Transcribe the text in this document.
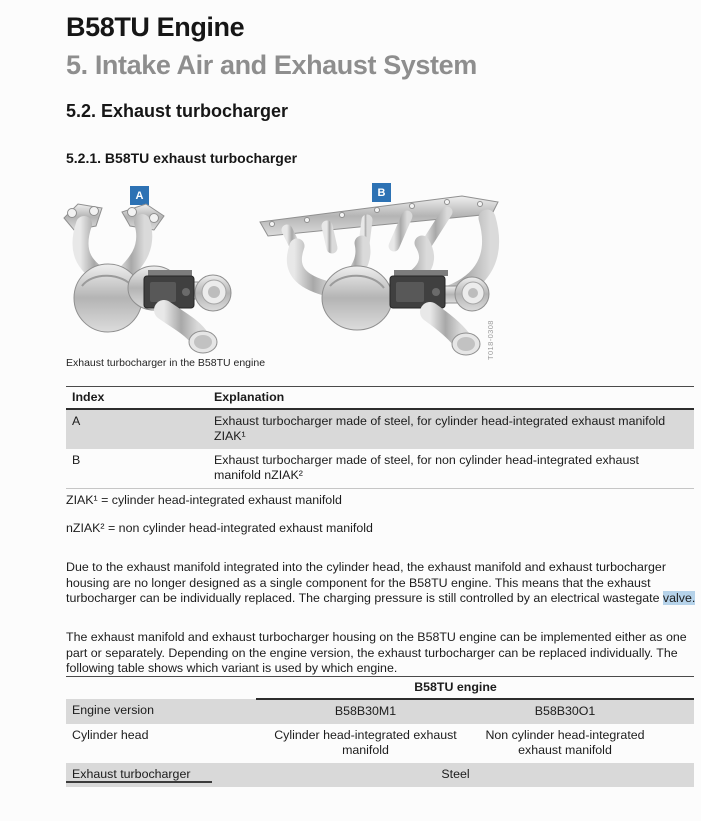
B58TU Engine
5. Intake Air and Exhaust System
5.2. Exhaust turbocharger
5.2.1. B58TU exhaust turbocharger
A	B
T018-0308
Exhaust turbocharger in the B58TU engine
Index	Explanation
A	Exhaust turbocharger made of steel, for cylinder head-integrated exhaust manifold ZIAK¹
B	Exhaust turbocharger made of steel, for non cylinder head-integrated exhaust manifold nZIAK²
ZIAK¹ = cylinder head-integrated exhaust manifold
nZIAK² = non cylinder head-integrated exhaust manifold

Due to the exhaust manifold integrated into the cylinder head, the exhaust manifold and exhaust turbocharger housing are no longer designed as a single component for the B58TU engine. This means that the exhaust turbocharger can be individually replaced. The charging pressure is still controlled by an electrical wastegate valve.

The exhaust manifold and exhaust turbocharger housing on the B58TU engine can be implemented either as one part or separately. Depending on the engine version, the exhaust turbocharger can be replaced individually. The following table shows which variant is used by which engine.

	B58TU engine	
Engine version	B58B30M1	B58B30O1
Cylinder head	Cylinder head-integrated exhaust manifold	Non cylinder head-integrated exhaust manifold
Exhaust turbocharger	Steel	
